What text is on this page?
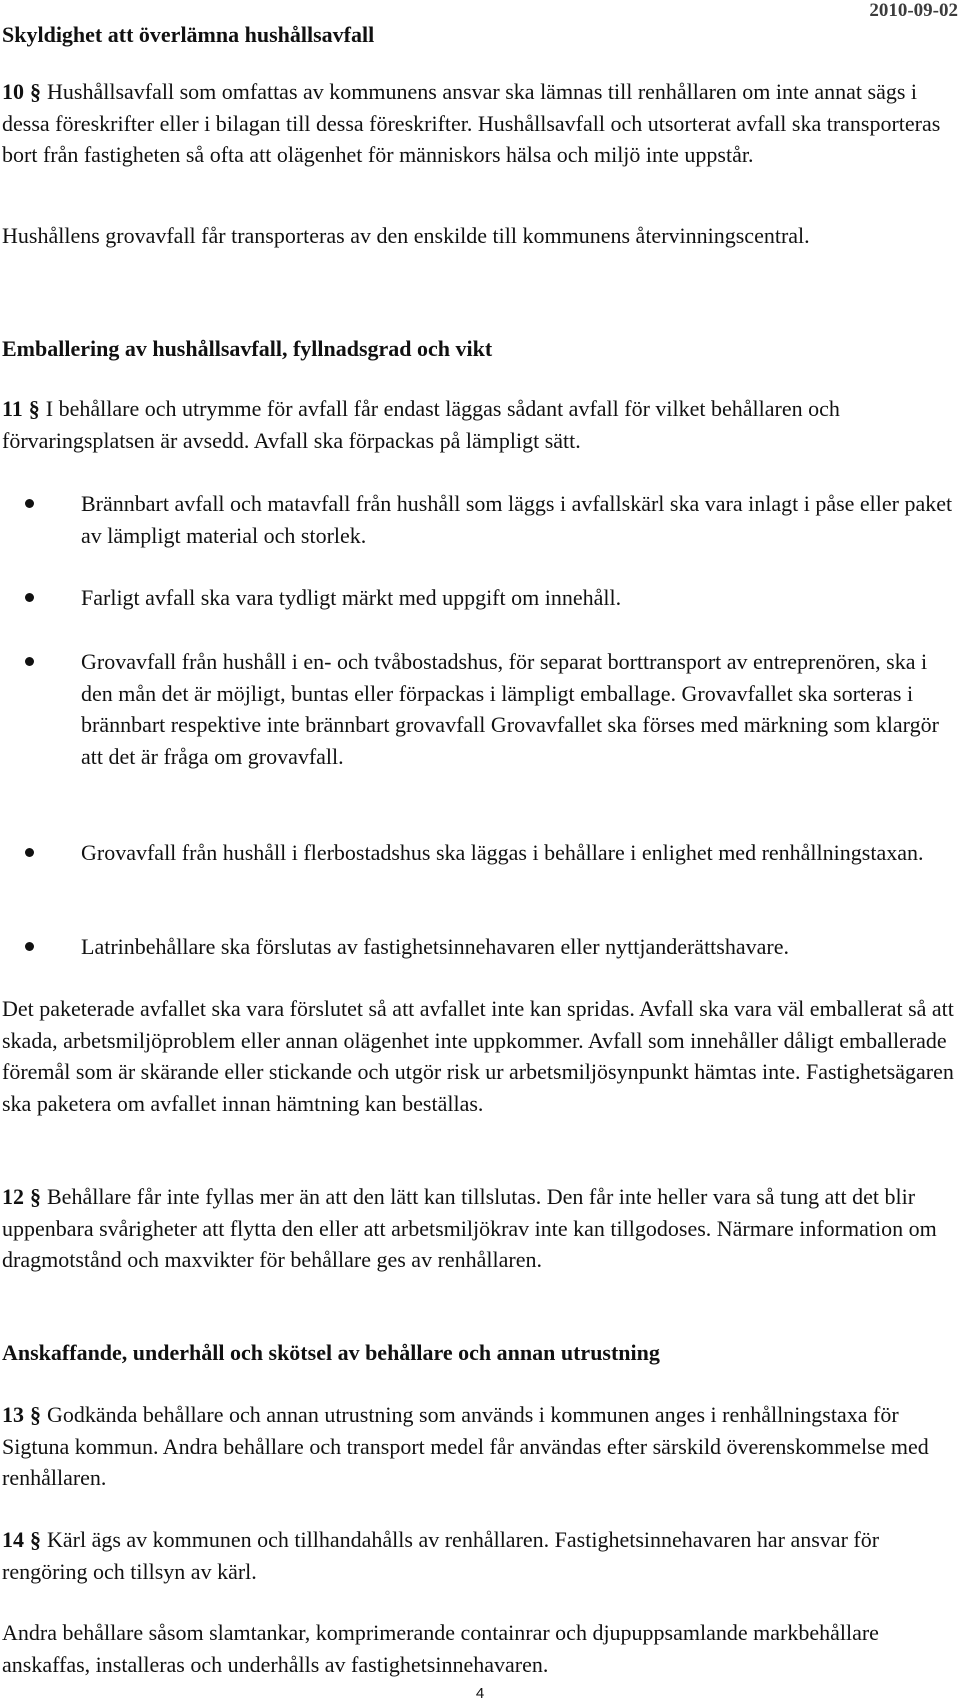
2010-09-02
Skyldighet att överlämna hushållsavfall

10 § Hushållsavfall som omfattas av kommunens ansvar ska lämnas till renhållaren om inte annat sägs i dessa föreskrifter eller i bilagan till dessa föreskrifter. Hushållsavfall och utsorterat avfall ska transporteras bort från fastigheten så ofta att olägenhet för människors hälsa och miljö inte uppstår.

Hushållens grovavfall får transporteras av den enskilde till kommunens återvinningscentral.

Emballering av hushållsavfall, fyllnadsgrad och vikt

11 § I behållare och utrymme för avfall får endast läggas sådant avfall för vilket behållaren och förvaringsplatsen är avsedd. Avfall ska förpackas på lämpligt sätt.

Brännbart avfall och matavfall från hushåll som läggs i avfallskärl ska vara inlagt i påse eller paket av lämpligt material och storlek.
Farligt avfall ska vara tydligt märkt med uppgift om innehåll.
Grovavfall från hushåll i en- och tvåbostadshus, för separat borttransport av entreprenören, ska i den mån det är möjligt, buntas eller förpackas i lämpligt emballage. Grovavfallet ska sorteras i brännbart respektive inte brännbart grovavfall Grovavfallet ska förses med märkning som klargör att det är fråga om grovavfall.
Grovavfall från hushåll i flerbostadshus ska läggas i behållare i enlighet med renhållningstaxan.
Latrinbehållare ska förslutas av fastighetsinnehavaren eller nyttjanderättshavare.

Det paketerade avfallet ska vara förslutet så att avfallet inte kan spridas. Avfall ska vara väl emballerat så att skada, arbetsmiljöproblem eller annan olägenhet inte uppkommer. Avfall som innehåller dåligt emballerade föremål som är skärande eller stickande och utgör risk ur arbetsmiljösynpunkt hämtas inte. Fastighetsägaren ska paketera om avfallet innan hämtning kan beställas.

12 § Behållare får inte fyllas mer än att den lätt kan tillslutas. Den får inte heller vara så tung att det blir uppenbara svårigheter att flytta den eller att arbetsmiljökrav inte kan tillgodoses. Närmare information om dragmotstånd och maxvikter för behållare ges av renhållaren.

Anskaffande, underhåll och skötsel av behållare och annan utrustning

13 § Godkända behållare och annan utrustning som används i kommunen anges i renhållningstaxa för Sigtuna kommun. Andra behållare och transport medel får användas efter särskild överenskommelse med renhållaren.

14 § Kärl ägs av kommunen och tillhandahålls av renhållaren. Fastighetsinnehavaren har ansvar för rengöring och tillsyn av kärl.

Andra behållare såsom slamtankar, komprimerande containrar och djupuppsamlande markbehållare anskaffas, installeras och underhålls av fastighetsinnehavaren.

4
